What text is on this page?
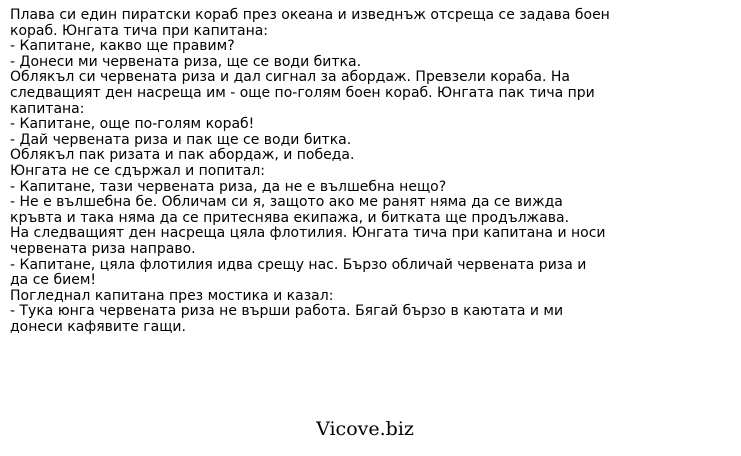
Плава си един пиратски кораб през океана и изведнъж отсреща се задава боен
кораб. Юнгата тича при капитана:
- Капитане, какво ще правим?
- Донеси ми червената риза, ще се води битка.
Облякъл си червената риза и дал сигнал за абордаж. Превзели кораба. На
следващият ден насреща им - още по-голям боен кораб. Юнгата пак тича при
капитана:
- Капитане, още по-голям кораб!
- Дай червената риза и пак ще се води битка.
Облякъл пак ризата и пак абордаж, и победа.
Юнгата не се сдържал и попитал:
- Капитане, тази червената риза, да не е вълшебна нещо?
- Не е вълшебна бе. Обличам си я, защото ако ме ранят няма да се вижда
кръвта и така няма да се притеснява екипажа, и битката ще продължава.
На следващият ден насреща цяла флотилия. Юнгата тича при капитана и носи
червената риза направо.
- Капитане, цяла флотилия идва срещу нас. Бързо обличай червената риза и
да се бием!
Погледнал капитана през мостика и казал:
- Тука юнга червената риза не върши работа. Бягай бързо в каютата и ми
донеси кафявите гащи.
Vicove.biz
